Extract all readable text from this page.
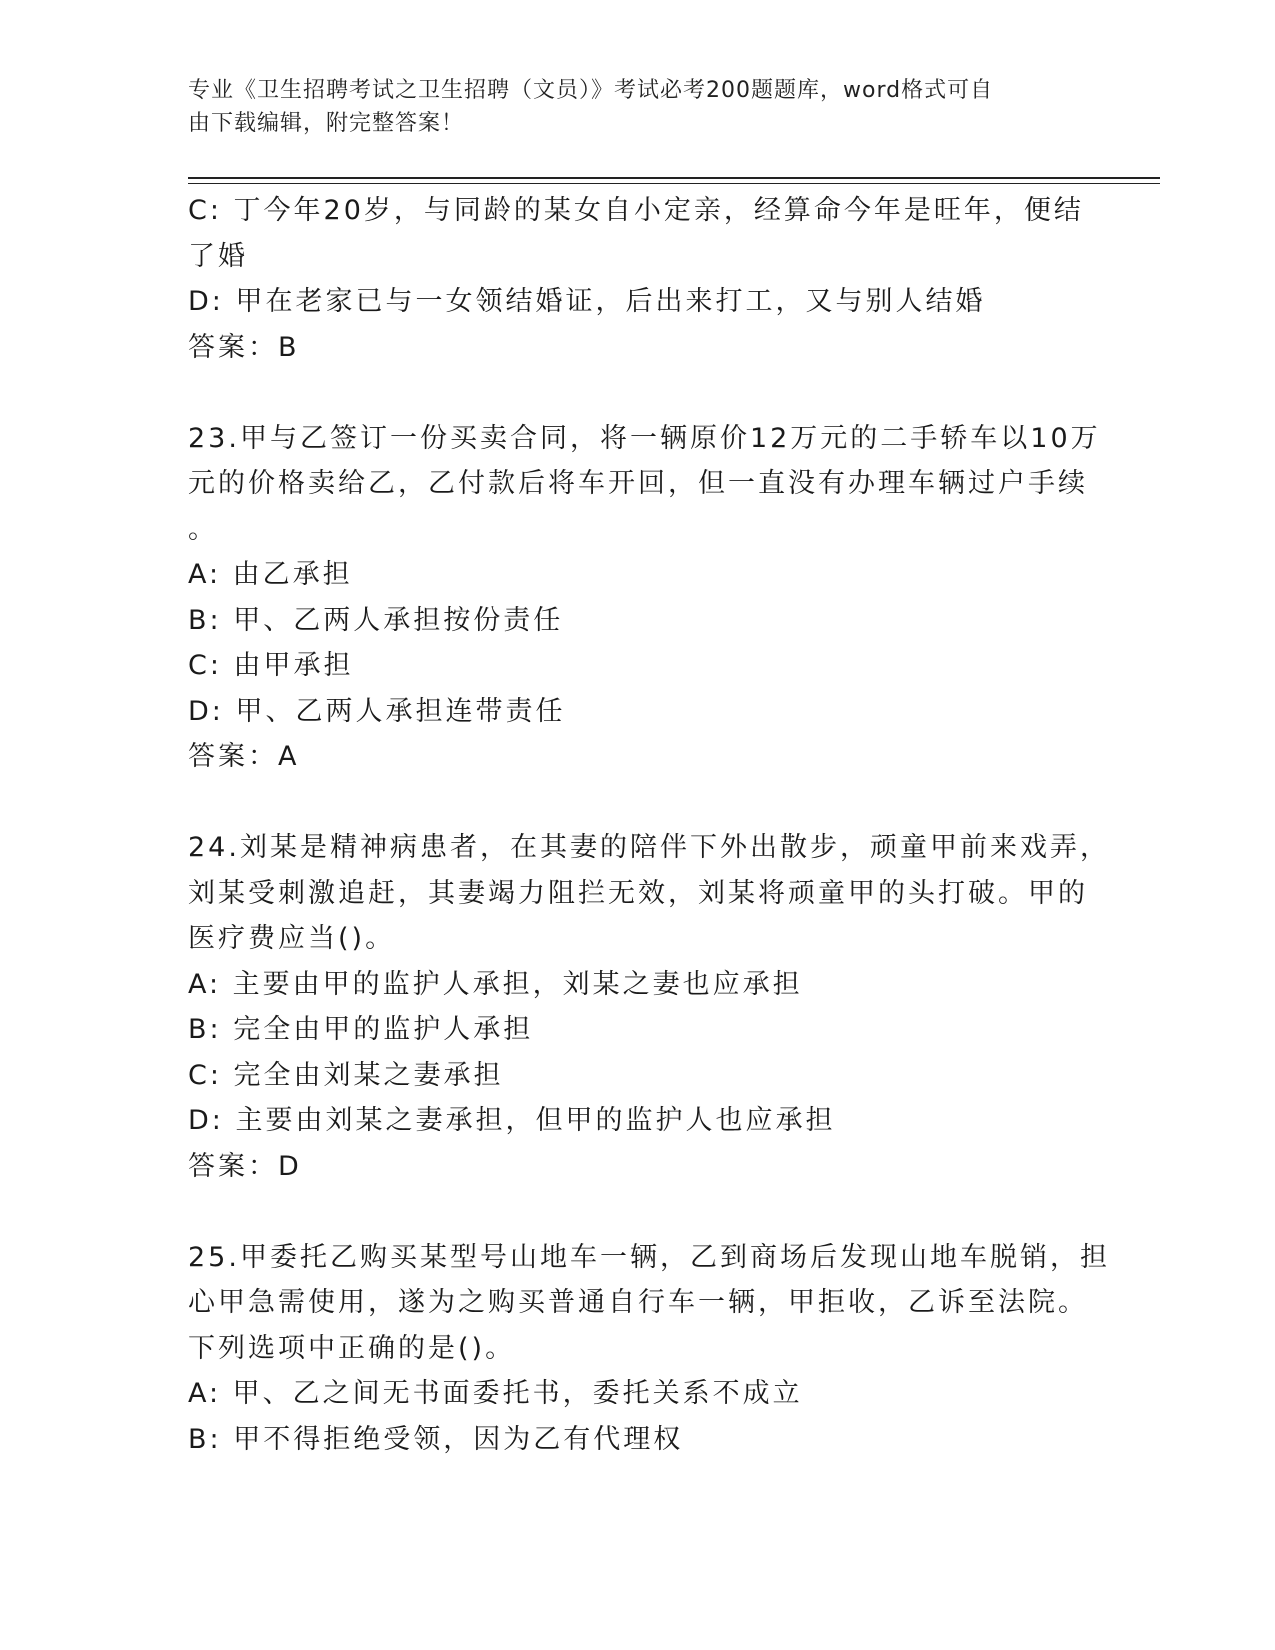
专业《卫生招聘考试之卫生招聘（文员）》考试必考200题题库，word格式可自
由下载编辑，附完整答案！
C: 丁今年20岁，与同龄的某女自小定亲，经算命今年是旺年，便结
了婚
D: 甲在老家已与一女领结婚证，后出来打工，又与别人结婚
答案：B
23.甲与乙签订一份买卖合同，将一辆原价12万元的二手轿车以10万
元的价格卖给乙，乙付款后将车开回，但一直没有办理车辆过户手续
。
A: 由乙承担
B: 甲、乙两人承担按份责任
C: 由甲承担
D: 甲、乙两人承担连带责任
答案：A
24.刘某是精神病患者，在其妻的陪伴下外出散步，顽童甲前来戏弄，
刘某受刺激追赶，其妻竭力阻拦无效，刘某将顽童甲的头打破。甲的
医疗费应当()。
A: 主要由甲的监护人承担，刘某之妻也应承担
B: 完全由甲的监护人承担
C: 完全由刘某之妻承担
D: 主要由刘某之妻承担，但甲的监护人也应承担
答案：D
25.甲委托乙购买某型号山地车一辆，乙到商场后发现山地车脱销，担
心甲急需使用，遂为之购买普通自行车一辆，甲拒收，乙诉至法院。
下列选项中正确的是()。
A: 甲、乙之间无书面委托书，委托关系不成立
B: 甲不得拒绝受领，因为乙有代理权
